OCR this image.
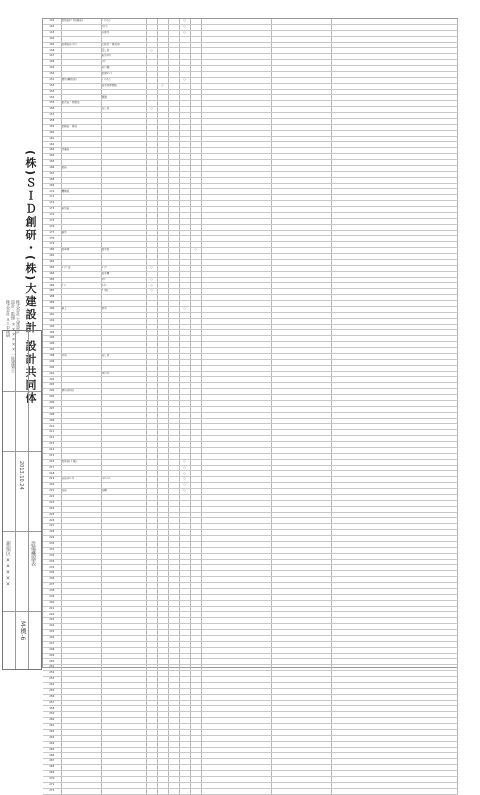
(株)ＳＩＤ創研・(株)大建設計 設計共同体
設計・監理 ×××××× 一級建築士
株式会社 ＳＩＤ創研 株式会社 大建設計
2013.10.24
設備機器表
新宿区 ×××××
M-機-6
141	配管室(ﾊﾞｽ設備室)	ﾄﾞﾚﾝﾁｪﾝ				○				
142		ｼﾝｸ下				○				
143		床排水				○				
144										
145	給湯室(ｷｯﾁﾝ)	天板付・換気扇								
146		流し台	○							
147		電気ｺﾝﾛ								
148		ｼﾝｸ								
149		吊戸棚								
150		給湯ﾕﾆｯﾄ								
151	便所(職員用)	ﾄﾞﾚﾝﾁｪﾝ				○				
152		温水洗浄便座		○						
153										
154		便器								
155	更衣室・休憩室									
156		流し台	○							
157										
158										
159	配膳室・厨房									
160										
161										
162										
163	洗濯室									
164										
165										
166	倉庫									
167										
168										
169										
170	機械室									
171										
172										
173	電気室									
174										
175										
176										
177	屋外									
178										
179										
180	駐車場	散水栓					○			
181										
182										
183	ﾎﾟﾝﾌﾟ室	ﾎﾟﾝﾌﾟ	○							
184		受水槽								
185		ﾀﾝｸ	○							
186	ｶﾞｽ	ﾒｰﾀｰ	○							
187		ｶﾞｽ栓	○							
188										
189										
190	屋上	排水				○				
191										
192										
193										
194										
195										
196										
197										
198	共用	流し台								
199										
200										
201		ﾌﾛｱｼﾝｸ								
202										
203										
204	便所(共用)									
205										
206										
207										
208										
209										
210										
211										
212										
213										
214										
215										
216	配管室(２階)					○				
217						○				
218						○				
219	浴室(ﾕﾆｯﾄ)	ｼｬﾜｰﾍｯﾄﾞ				○				
220						○				
221	浴室	浴槽				○				
222										
223										
224										
225										
226										
227										
228										
229										
230										
231										
232										
233										
234										
235										
236										
237										
238										
239										
240										
241										
242										
243										
244										
245										
246										
247										
248										
249										
250										
251										
252										
253										
254										
255										
256										
257										
258										
259										
260										
261										
262										
263										
264										
265										
266										
267										
268										
269										
270										
271										
272										
